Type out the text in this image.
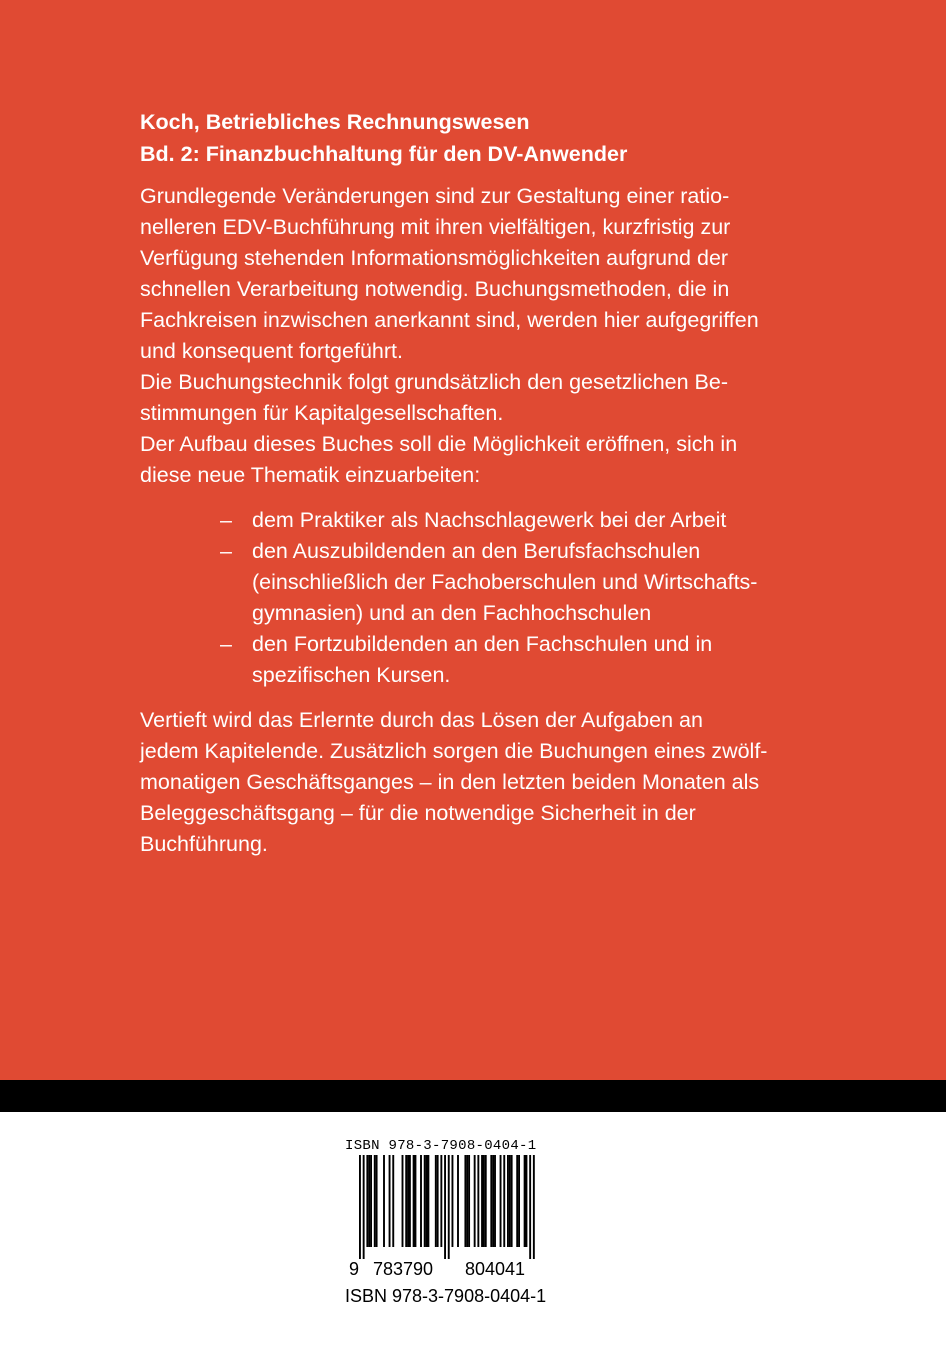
Koch, Betriebliches Rechnungswesen
Bd. 2: Finanzbuchhaltung für den DV-Anwender
Grundlegende Veränderungen sind zur Gestaltung einer ratio-
nelleren EDV-Buchführung mit ihren vielfältigen, kurzfristig zur
Verfügung stehenden Informationsmöglichkeiten aufgrund der
schnellen Verarbeitung notwendig. Buchungsmethoden, die in
Fachkreisen inzwischen anerkannt sind, werden hier aufgegriffen
und konsequent fortgeführt.
Die Buchungstechnik folgt grundsätzlich den gesetzlichen Be-
stimmungen für Kapitalgesellschaften.
Der Aufbau dieses Buches soll die Möglichkeit eröffnen, sich in
diese neue Thematik einzuarbeiten:
– dem Praktiker als Nachschlagewerk bei der Arbeit
– den Auszubildenden an den Berufsfachschulen
(einschließlich der Fachoberschulen und Wirtschafts-
gymnasien) und an den Fachhochschulen
– den Fortzubildenden an den Fachschulen und in
spezifischen Kursen.
Vertieft wird das Erlernte durch das Lösen der Aufgaben an
jedem Kapitelende. Zusätzlich sorgen die Buchungen eines zwölf-
monatigen Geschäftsganges – in den letzten beiden Monaten als
Beleggeschäftsgang – für die notwendige Sicherheit in der
Buchführung.
ISBN 978-3-7908-0404-1
9 783790 804041
ISBN 978-3-7908-0404-1
